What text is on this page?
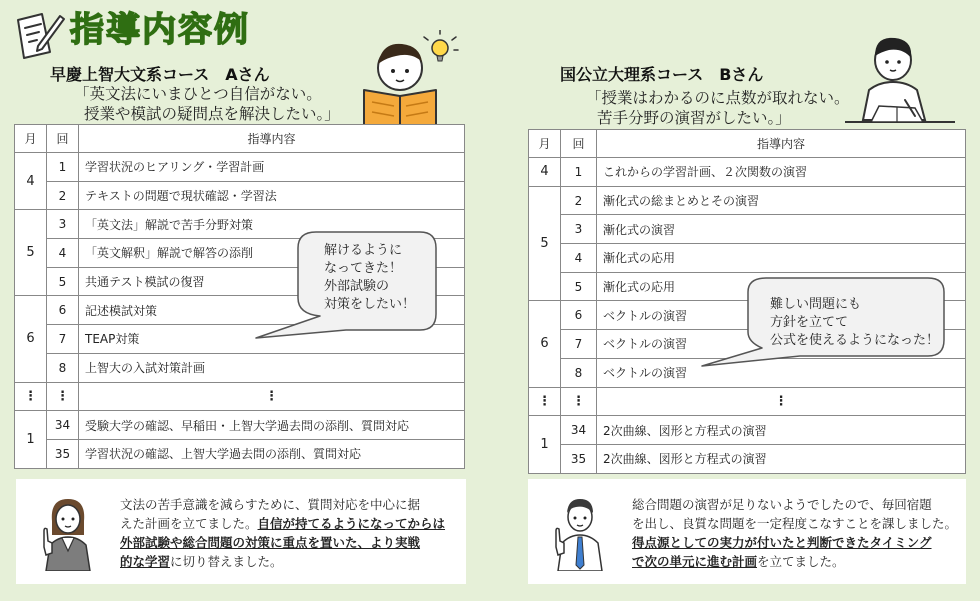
指導内容例
早慶上智大文系コース　Aさん
「英文法にいまひとつ自信がない。
授業や模試の疑問点を解決したい。」
月	回	指導内容
4	1	学習状況のヒアリング・学習計画
	2	テキストの問題で現状確認・学習法
5	3	「英文法」解説で苦手分野対策
	4	「英文解釈」解説で解答の添削
	5	共通テスト模試の復習
6	6	記述模試対策
	7	TEAP対策
	8	上智大の入試対策計画
⋮	⋮	⋮
1	34	受験大学の確認、早稲田・上智大学過去問の添削、質問対応
	35	学習状況の確認、上智大学過去問の添削、質問対応
解けるように
なってきた！
外部試験の
対策をしたい！
文法の苦手意識を減らすために、質問対応を中心に据
えた計画を立てました。自信が持てるようになってからは
外部試験や総合問題の対策に重点を置いた、より実戦
的な学習に切り替えました。
国公立大理系コース　Bさん
「授業はわかるのに点数が取れない。
苦手分野の演習がしたい。」
月	回	指導内容
4	1	これからの学習計画、２次関数の演習
5	2	漸化式の総まとめとその演習
	3	漸化式の演習
	4	漸化式の応用
	5	漸化式の応用
6	6	ベクトルの演習
	7	ベクトルの演習
	8	ベクトルの演習
⋮	⋮	⋮
1	34	2次曲線、図形と方程式の演習
	35	2次曲線、図形と方程式の演習
難しい問題にも
方針を立てて
公式を使えるようになった！
総合問題の演習が足りないようでしたので、毎回宿題
を出し、良質な問題を一定程度こなすことを課しました。
得点源としての実力が付いたと判断できたタイミング
で次の単元に進む計画を立てました。
